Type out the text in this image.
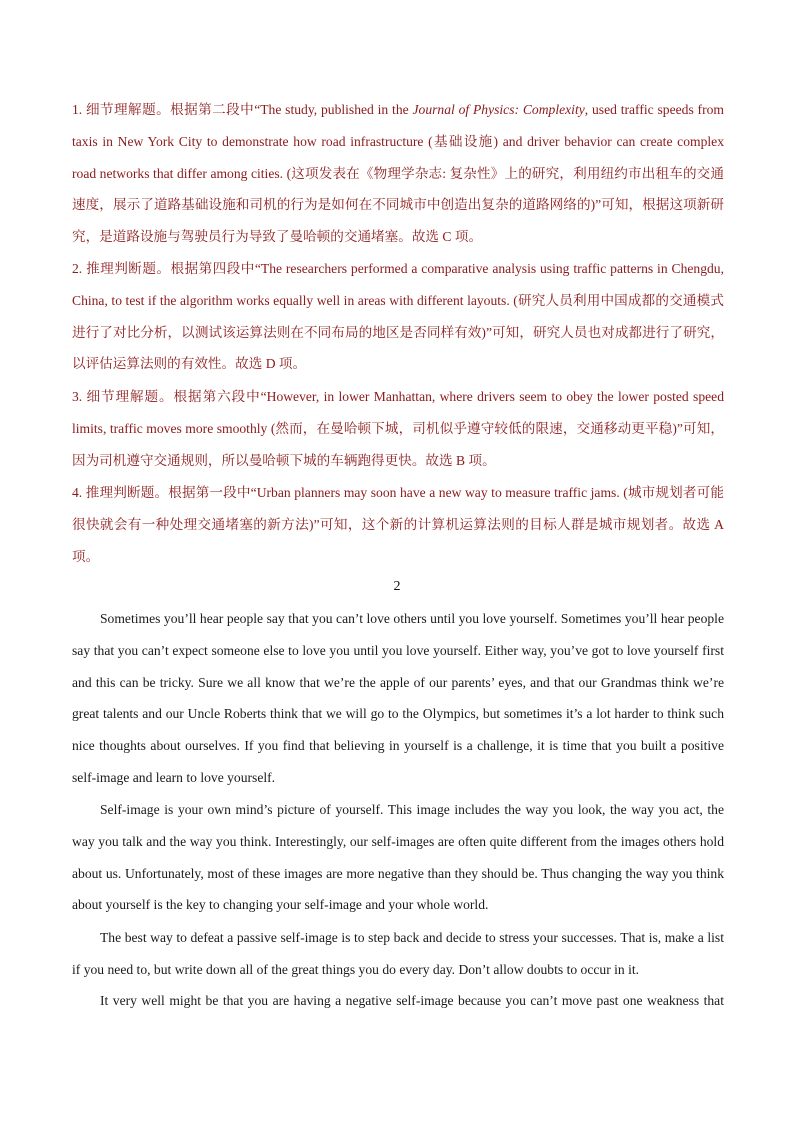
1. 细节理解题。根据第二段中“The study, published in the Journal of Physics: Complexity, used traffic speeds from taxis in New York City to demonstrate how road infrastructure (基础设施) and driver behavior can create complex road networks that differ among cities. (这项发表在《物理学杂志: 复杂性》上的研究，利用纽约市出租车的交通速度，展示了道路基础设施和司机的行为是如何在不同城市中创造出复杂的道路网络的)”可知，根据这项新研究，是道路设施与驾驶员行为导致了曼哈顿的交通堵塞。故选 C 项。
2. 推理判断题。根据第四段中“The researchers performed a comparative analysis using traffic patterns in Chengdu, China, to test if the algorithm works equally well in areas with different layouts. (研究人员利用中国成都的交通模式进行了对比分析，以测试该运算法则在不同布局的地区是否同样有效)”可知，研究人员也对成都进行了研究，以评估运算法则的有效性。故选 D 项。
3. 细节理解题。根据第六段中“However, in lower Manhattan, where drivers seem to obey the lower posted speed limits, traffic moves more smoothly (然而，在曼哈顿下城，司机似乎遵守较低的限速，交通移动更平稳)”可知，因为司机遵守交通规则，所以曼哈顿下城的车辆跑得更快。故选 B 项。
4. 推理判断题。根据第一段中“Urban planners may soon have a new way to measure traffic jams. (城市规划者可能很快就会有一种处理交通堵塞的新方法)”可知，这个新的计算机运算法则的目标人群是城市规划者。故选 A 项。
2
Sometimes you’ll hear people say that you can’t love others until you love yourself. Sometimes you’ll hear people say that you can’t expect someone else to love you until you love yourself. Either way, you’ve got to love yourself first and this can be tricky. Sure we all know that we’re the apple of our parents’ eyes, and that our Grandmas think we’re great talents and our Uncle Roberts think that we will go to the Olympics, but sometimes it’s a lot harder to think such nice thoughts about ourselves. If you find that believing in yourself is a challenge, it is time that you built a positive self-image and learn to love yourself.
Self-image is your own mind’s picture of yourself. This image includes the way you look, the way you act, the way you talk and the way you think. Interestingly, our self-images are often quite different from the images others hold about us. Unfortunately, most of these images are more negative than they should be. Thus changing the way you think about yourself is the key to changing your self-image and your whole world.
The best way to defeat a passive self-image is to step back and decide to stress your successes. That is, make a list if you need to, but write down all of the great things you do every day. Don’t allow doubts to occur in it.
It very well might be that you are having a negative self-image because you can’t move past one weakness that
